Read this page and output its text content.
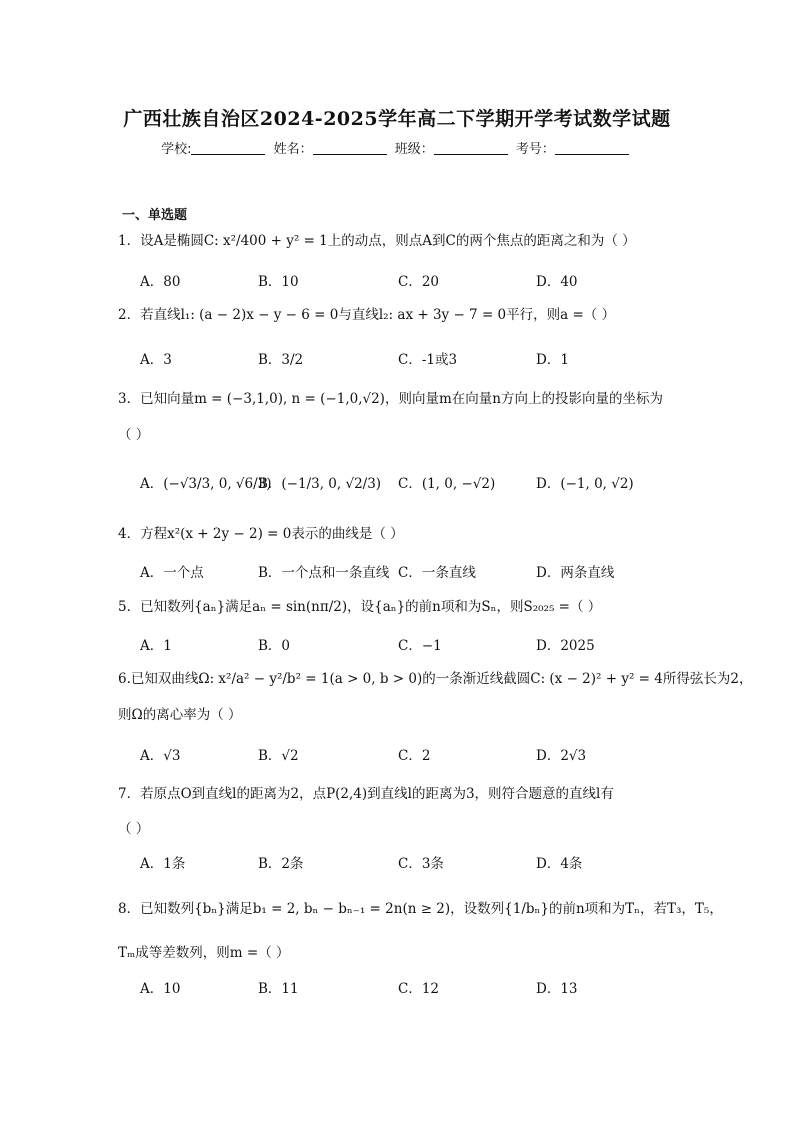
广西壮族自治区2024-2025学年高二下学期开学考试数学试题
学校:	姓名：	班级：	考号：
一、单选题
1．设A是椭圆C: x²/400 + y² = 1上的动点，则点A到C的两个焦点的距离之和为（ ）
A．80	B．10	C．20	D．40
2．若直线l₁: (a − 2)x − y − 6 = 0与直线l₂: ax + 3y − 7 = 0平行，则a =（ ）
A．3	B．3/2	C．-1或3	D．1
3．已知向量m = (−3,1,0), n = (−1,0,√2)，则向量m在向量n方向上的投影向量的坐标为
（ ）
A．(−√3/3, 0, √6/3)
B．(−1/3, 0, √2/3) C．(1, 0, −√2)	D．(−1, 0, √2)
4．方程x²(x + 2y − 2) = 0表示的曲线是（ ）
A．一个点	B．一个点和一条直线 C．一条直线	D．两条直线
5．已知数列{aₙ}满足aₙ = sin(nπ/2)，设{aₙ}的前n项和为Sₙ，则S₂₀₂₅ =（ ）
A．1	B．0	C．−1	D．2025
6.已知双曲线Ω: x²/a² − y²/b² = 1(a > 0, b > 0)的一条渐近线截圆C: (x − 2)² + y² = 4所得弦长为2，
则Ω的离心率为（ ）
A．√3	B．√2	C．2	D．2√3
7．若原点O到直线l的距离为2，点P(2,4)到直线l的距离为3，则符合题意的直线l有
（ ）
A．1条	B．2条	C．3条	D．4条
8．已知数列{bₙ}满足b₁ = 2, bₙ − bₙ₋₁ = 2n(n ≥ 2)，设数列{1/bₙ}的前n项和为Tₙ，若T₃，T₅，
Tₘ成等差数列，则m =（ ）
A．10	B．11	C．12	D．13
